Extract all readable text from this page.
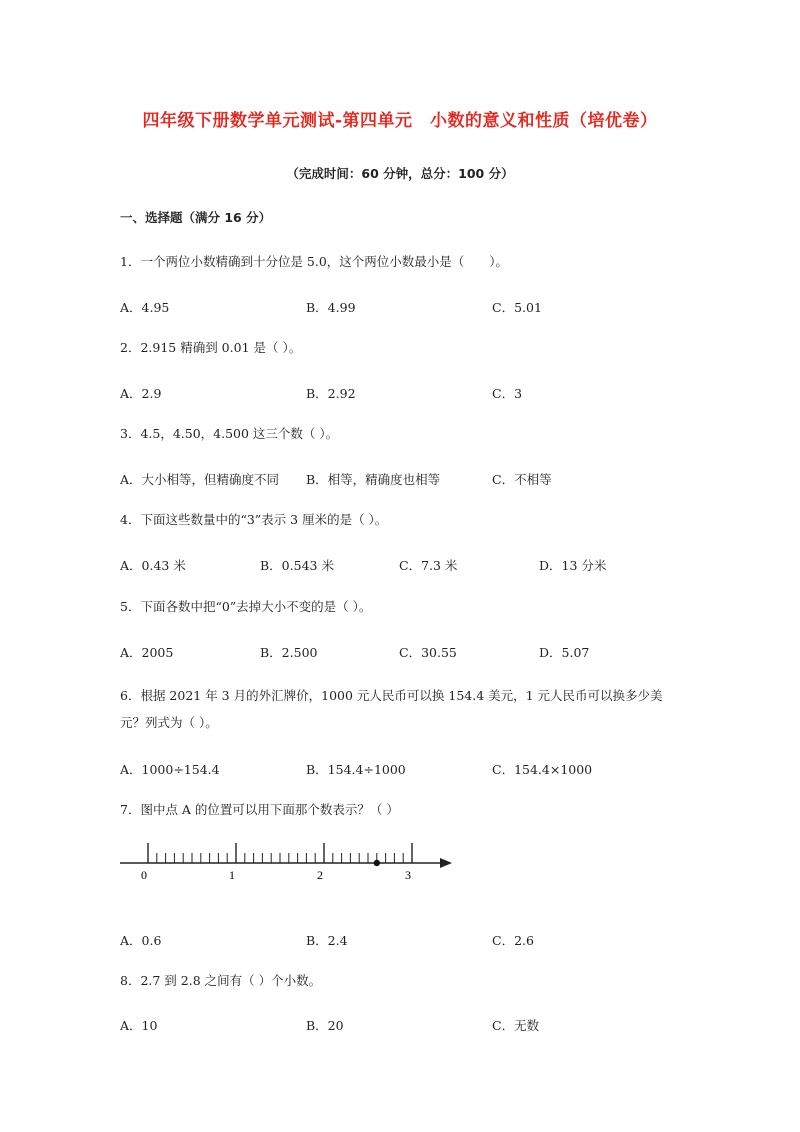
四年级下册数学单元测试-第四单元　小数的意义和性质（培优卷）
（完成时间：60 分钟，总分：100 分）
一、选择题（满分 16 分）
1．一个两位小数精确到十分位是 5.0，这个两位小数最小是（　　）。
A．4.95	B．4.99	C．5.01
2．2.915 精确到 0.01 是（ ）。
A．2.9	B．2.92	C．3
3．4.5，4.50，4.500 这三个数（ ）。
A．大小相等，但精确度不同 B．相等，精确度也相等	C．不相等
4．下面这些数量中的“3”表示 3 厘米的是（ ）。
A．0.43 米	B．0.543 米	C．7.3 米	D．13 分米
5．下面各数中把“0”去掉大小不变的是（ ）。
A．2005	B．2.500	C．30.55	D．5.07
6．根据 2021 年 3 月的外汇牌价，1000 元人民币可以换 154.4 美元，1 元人民币可以换多少美元？列式为（ ）。
A．1000÷154.4	B．154.4÷1000	C．154.4×1000
7．图中点 A 的位置可以用下面那个数表示？（ ）
0	1	2	3
A．0.6	B．2.4	C．2.6
8．2.7 到 2.8 之间有（ ）个小数。
A．10	B．20	C．无数
